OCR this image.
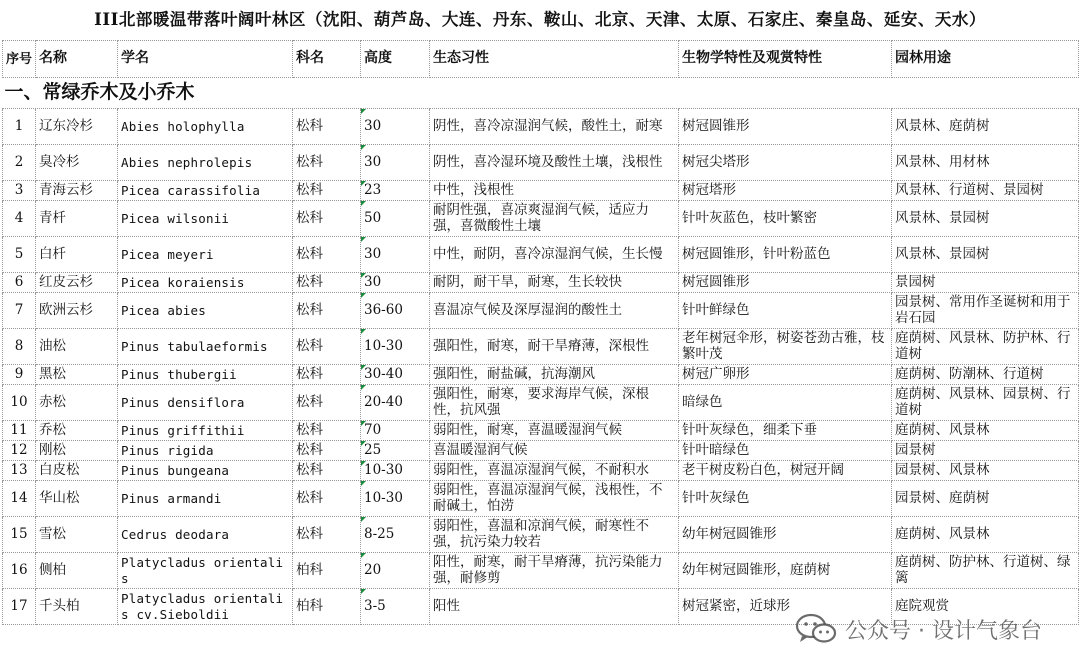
III北部暖温带落叶阔叶林区（沈阳、葫芦岛、大连、丹东、鞍山、北京、天津、太原、石家庄、秦皇岛、延安、天水）
序号	名称	学名	科名	高度	生态习性	生物学特性及观赏特性	园林用途
一、常绿乔木及小乔木							
1	辽东冷杉	Abies holophylla	松科	30	阴性，喜冷凉湿润气候，酸性土，耐寒	树冠圆锥形	风景林、庭荫树
2	臭冷杉	Abies nephrolepis	松科	30	阴性，喜冷湿环境及酸性土壤，浅根性	树冠尖塔形	风景林、用材林
3	青海云杉	Picea carassifolia	松科	23	中性，浅根性	树冠塔形	风景林、行道树、景园树
4	青杄	Picea wilsonii	松科	50	耐阴性强，喜凉爽湿润气候，适应力强，喜微酸性土壤	针叶灰蓝色，枝叶繁密	风景林、景园树
5	白杄	Picea meyeri	松科	30	中性，耐阴，喜冷凉湿润气候，生长慢	树冠圆锥形，针叶粉蓝色	风景林、景园树
6	红皮云杉	Picea koraiensis	松科	30	耐阴，耐干旱，耐寒，生长较快	树冠圆锥形	景园树
7	欧洲云杉	Picea abies	松科	36-60	喜温凉气候及深厚湿润的酸性土	针叶鲜绿色	园景树、常用作圣诞树和用于岩石园
8	油松	Pinus tabulaeformis	松科	10-30	强阳性，耐寒，耐干旱瘠薄，深根性	老年树冠伞形，树姿苍劲古雅，枝繁叶茂	庭荫树、风景林、防护林、行道树
9	黑松	Pinus thubergii	松科	30-40	强阳性，耐盐碱，抗海潮风	树冠广卵形	庭荫树、防潮林、行道树
10	赤松	Pinus densiflora	松科	20-40	强阳性，耐寒，要求海岸气候，深根性，抗风强	暗绿色	庭荫树、风景林、园景树、行道树
11	乔松	Pinus griffithii	松科	70	弱阳性，耐寒，喜温暖湿润气候	针叶灰绿色，细柔下垂	庭荫树、风景林
12	刚松	Pinus rigida	松科	25	喜温暖湿润气候	针叶暗绿色	园景树
13	白皮松	Pinus bungeana	松科	10-30	弱阳性，喜温凉湿润气候，不耐积水	老干树皮粉白色，树冠开阔	园景树、风景林
14	华山松	Pinus armandi	松科	10-30	弱阳性，喜温凉湿润气候，浅根性，不耐碱土，怕涝	针叶灰绿色	园景树、庭荫树
15	雪松	Cedrus deodara	松科	8-25	弱阳性，喜温和凉润气候，耐寒性不强，抗污染力较若	幼年树冠圆锥形	庭荫树、风景林
16	侧柏	Platycladus orientalis	柏科	20	阳性，耐寒，耐干旱瘠薄，抗污染能力强，耐修剪	幼年树冠圆锥形，庭荫树	庭荫树、防护林、行道树、绿篱
17	千头柏	Platycladus orientalis cv.Sieboldii	柏科	3-5	阳性	树冠紧密，近球形	庭院观赏
公众号 · 设计气象台
